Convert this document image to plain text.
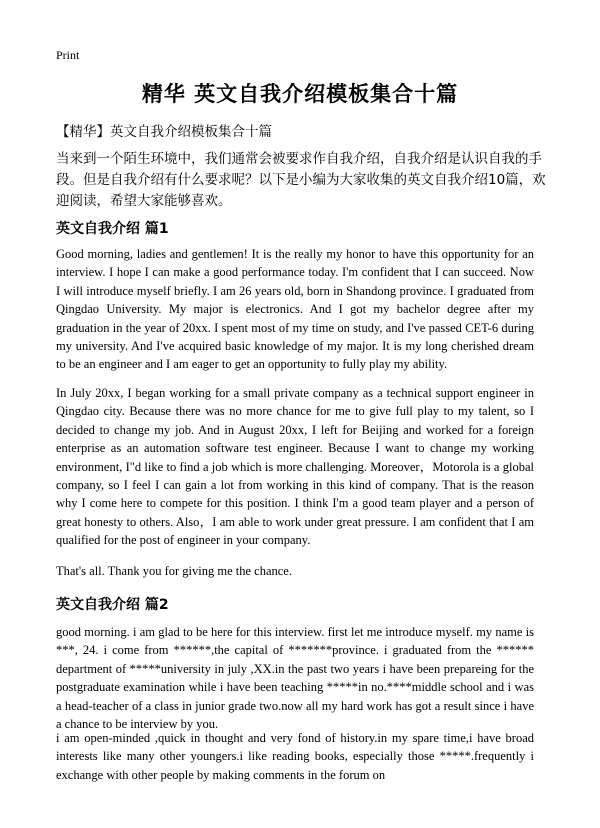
Print
精华 英文自我介绍模板集合十篇
【精华】英文自我介绍模板集合十篇
当来到一个陌生环境中，我们通常会被要求作自我介绍，自我介绍是认识自我的手段。但是自我介绍有什么要求呢？以下是小编为大家收集的英文自我介绍10篇，欢迎阅读，希望大家能够喜欢。
英文自我介绍 篇1
Good morning, ladies and gentlemen! It is the really my honor to have this opportunity for an interview. I hope I can make a good performance today. I'm confident that I can succeed. Now I will introduce myself briefly. I am 26 years old, born in Shandong province. I graduated from Qingdao University. My major is electronics. And I got my bachelor degree after my graduation in the year of 20xx. I spent most of my time on study, and I've passed CET-6 during my university. And I've acquired basic knowledge of my major. It is my long cherished dream to be an engineer and I am eager to get an opportunity to fully play my ability.
In July 20xx, I began working for a small private company as a technical support engineer in Qingdao city. Because there was no more chance for me to give full play to my talent, so I decided to change my job. And in August 20xx, I left for Beijing and worked for a foreign enterprise as an automation software test engineer. Because I want to change my working environment, I"d like to find a job which is more challenging. Moreover，Motorola is a global company, so I feel I can gain a lot from working in this kind of company. That is the reason why I come here to compete for this position. I think I'm a good team player and a person of great honesty to others. Also，I am able to work under great pressure. I am confident that I am qualified for the post of engineer in your company.
That's all. Thank you for giving me the chance.
英文自我介绍 篇2
good morning. i am glad to be here for this interview. first let me introduce myself. my name is ***, 24. i come from ******,the capital of *******province. i graduated from the ****** department of *****university in july ,XX.in the past two years i have been prepareing for the postgraduate examination while i have been teaching *****in no.****middle school and i was a head-teacher of a class in junior grade two.now all my hard work has got a result since i have a chance to be interview by you.
i am open-minded ,quick in thought and very fond of history.in my spare time,i have broad interests like many other youngers.i like reading books, especially those *****.frequently i exchange with other people by making comments in the forum on
